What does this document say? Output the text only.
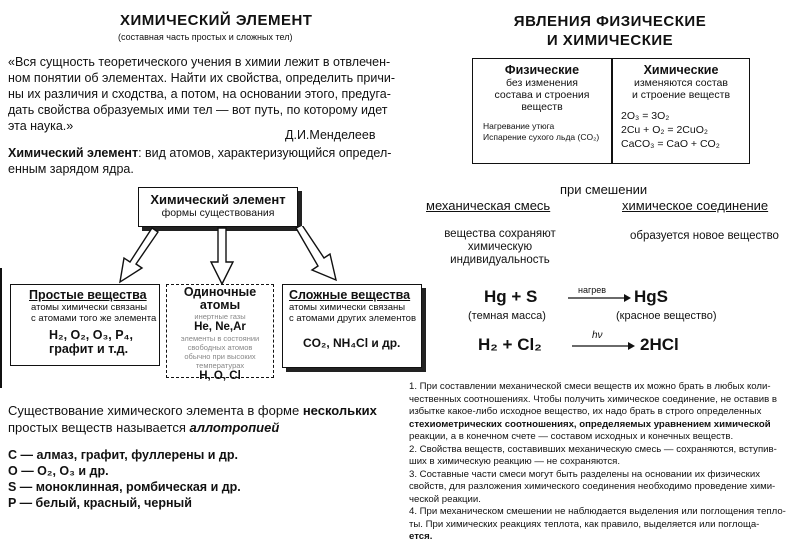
ХИМИЧЕСКИЙ ЭЛЕМЕНТ
(составная часть простых и сложных тел)
«Вся сущность теоретического учения в химии лежит в отвлечен-
ном понятии об элементах. Найти их свойства, определить причи-
ны их различия и сходства, а потом, на основании этого, предуга-
дать свойства образуемых ими тел — вот путь, по которому идет
эта наука.»
Д.И.Менделеев
Химический элемент: вид атомов, характеризующийся определ-
енным зарядом ядра.
Химический элемент
формы существования
Простые вещества
атомы химически связаны
с атомами того же элемента
H₂, O₂, O₃, P₄,
графит и т.д.
Одиночные
атомы
инертные газы
He, Ne,Ar
элементы в состоянии
свободных атомов
обычно при высоких
температурах
H, O, Cl
Сложные вещества
атомы химически связаны
с атомами других элементов
CO₂, NH₄Cl и др.
Существование химического элемента в форме нескольких
простых веществ называется аллотропией
C — алмаз, графит, фуллерены и др.
O — O₂, O₃ и др.
S — моноклинная, ромбическая и др.
P — белый, красный, черный
ЯВЛЕНИЯ ФИЗИЧЕСКИЕ
И ХИМИЧЕСКИЕ
Физические
без изменения
состава и строения
веществ
Нагревание утюга
Испарение сухого льда (CO₂)
Химические
изменяются состав
и строение веществ
2O₃ = 3O₂
2Cu + O₂ = 2CuO₂
CaCO₃ = CaO + CO₂
при смешении
механическая смесь	химическое соединение
вещества сохраняют
химическую
индивидуальность
образуется новое вещество
Hg + S	нагрев → HgS
(темная масса)	(красное вещество)
H₂ + Cl₂	hν → 2HCl
1. При составлении механической смеси веществ их можно брать в любых коли-
чественных соотношениях. Чтобы получить химическое соединение, не оставив в
избытке какое-либо исходное вещество, их надо брать в строго определенных
стехиометрических соотношениях, определяемых уравнением химической
реакции, а в конечном счете — составом исходных и конечных веществ.
2. Свойства веществ, составивших механическую смесь — сохраняются, вступив-
ших в химическую реакцию — не сохраняются.
3. Составные части смеси могут быть разделены на основании их физических
свойств, для разложения химического соединения необходимо проведение хими-
ческой реакции.
4. При механическом смешении не наблюдается выделения или поглощения тепло-
ты. При химических реакциях теплота, как правило, выделяется или поглоща-
ется.
